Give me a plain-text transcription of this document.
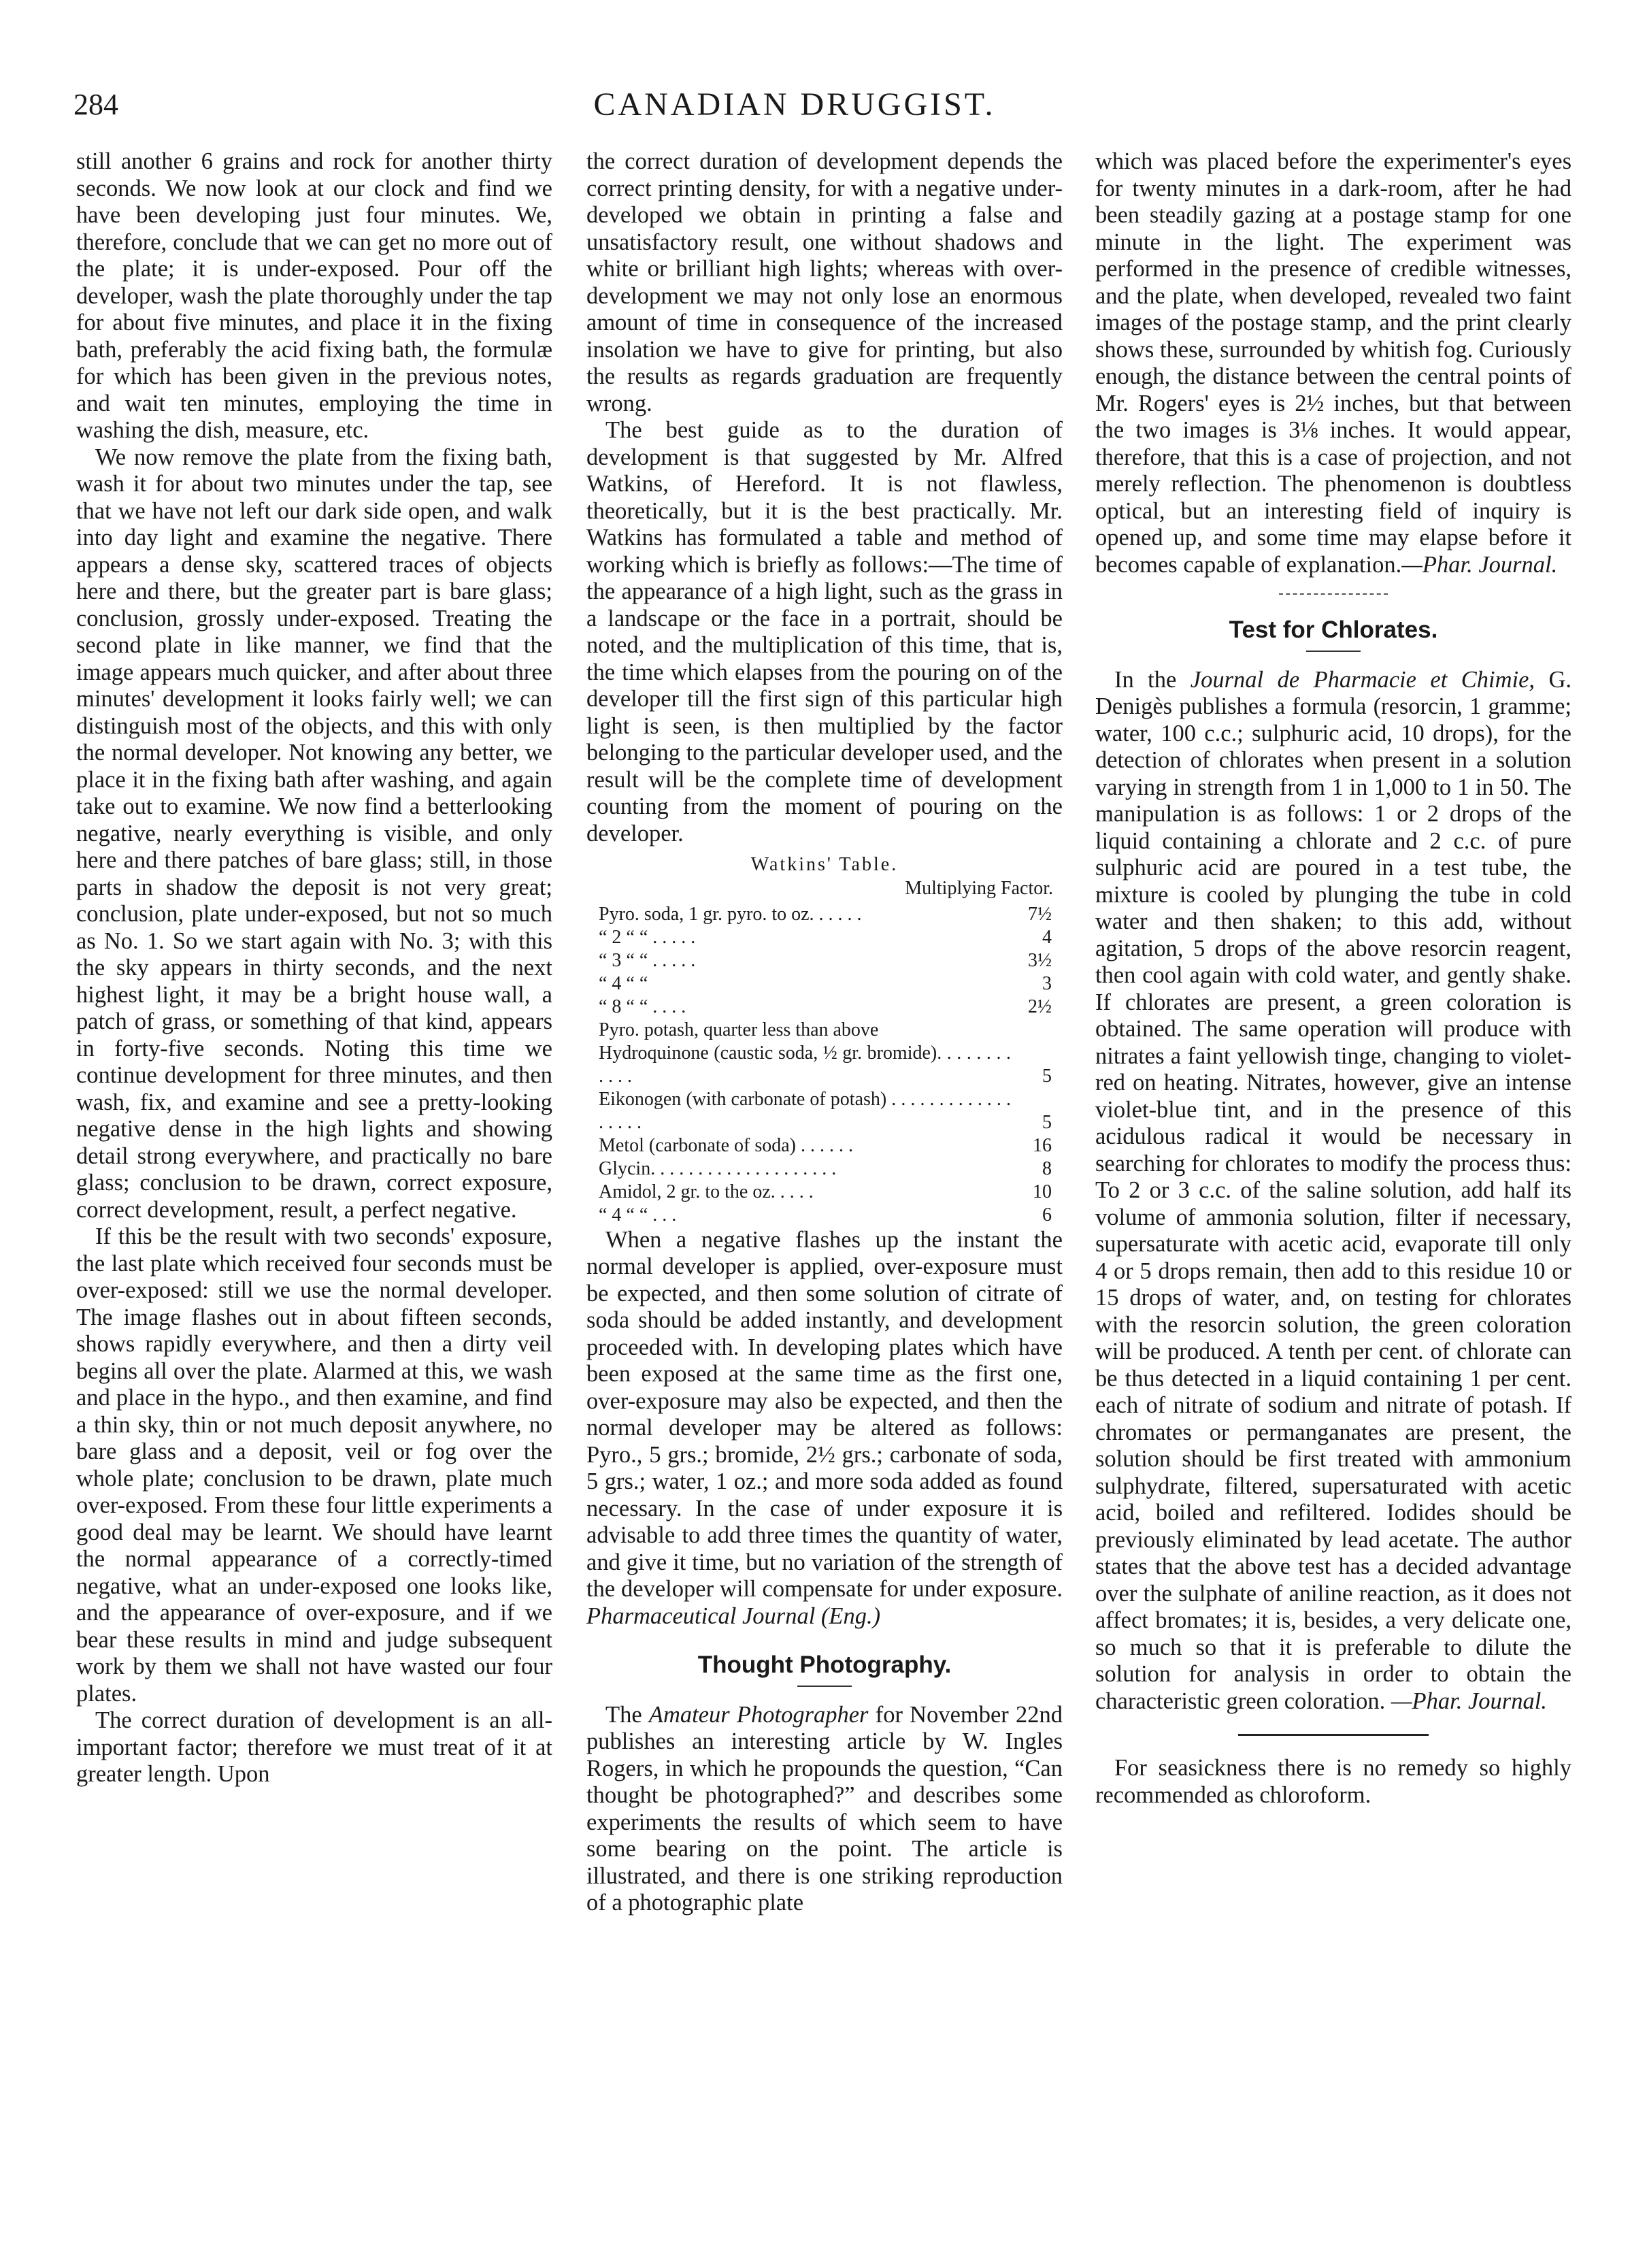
284	CANADIAN DRUGGIST.

still another 6 grains and rock for another thirty seconds. We now look at our clock and find we have been developing just four minutes. We, therefore, conclude that we can get no more out of the plate; it is under-exposed. Pour off the developer, wash the plate thoroughly under the tap for about five minutes, and place it in the fixing bath, preferably the acid fixing bath, the formulæ for which has been given in the previous notes, and wait ten minutes, employing the time in washing the dish, measure, etc.

We now remove the plate from the fixing bath, wash it for about two minutes under the tap, see that we have not left our dark side open, and walk into day light and examine the negative. There appears a dense sky, scattered traces of objects here and there, but the greater part is bare glass; conclusion, grossly under-exposed. Treating the second plate in like manner, we find that the image appears much quicker, and after about three minutes' development it looks fairly well; we can distinguish most of the objects, and this with only the normal developer. Not knowing any better, we place it in the fixing bath after washing, and again take out to examine. We now find a betterlooking negative, nearly everything is visible, and only here and there patches of bare glass; still, in those parts in shadow the deposit is not very great; conclusion, plate under-exposed, but not so much as No. 1. So we start again with No. 3; with this the sky appears in thirty seconds, and the next highest light, it may be a bright house wall, a patch of grass, or something of that kind, appears in forty-five seconds. Noting this time we continue development for three minutes, and then wash, fix, and examine and see a pretty-looking negative dense in the high lights and showing detail strong everywhere, and practically no bare glass; conclusion to be drawn, correct exposure, correct development, result, a perfect negative.

If this be the result with two seconds' exposure, the last plate which received four seconds must be over-exposed: still we use the normal developer. The image flashes out in about fifteen seconds, shows rapidly everywhere, and then a dirty veil begins all over the plate. Alarmed at this, we wash and place in the hypo., and then examine, and find a thin sky, thin or not much deposit anywhere, no bare glass and a deposit, veil or fog over the whole plate; conclusion to be drawn, plate much over-exposed. From these four little experiments a good deal may be learnt. We should have learnt the normal appearance of a correctly-timed negative, what an under-exposed one looks like, and the appearance of over-exposure, and if we bear these results in mind and judge subsequent work by them we shall not have wasted our four plates.

The correct duration of development is an all-important factor; therefore we must treat of it at greater length. Upon

the correct duration of development depends the correct printing density, for with a negative under-developed we obtain in printing a false and unsatisfactory result, one without shadows and white or brilliant high lights; whereas with over-development we may not only lose an enormous amount of time in consequence of the increased insolation we have to give for printing, but also the results as regards graduation are frequently wrong.

The best guide as to the duration of development is that suggested by Mr. Alfred Watkins, of Hereford. It is not flawless, theoretically, but it is the best practically. Mr. Watkins has formulated a table and method of working which is briefly as follows:—The time of the appearance of a high light, such as the grass in a landscape or the face in a portrait, should be noted, and the multiplication of this time, that is, the time which elapses from the pouring on of the developer till the first sign of this particular high light is seen, is then multiplied by the factor belonging to the particular developer used, and the result will be the complete time of development counting from the moment of pouring on the developer.

Watkins' Table.
Multiplying Factor.
Pyro. soda, 1 gr. pyro. to oz. . . . . .	7½
“ 2 “ “ . . . . .	4
“ 3 “ “ . . . . .	3½
“ 4 “ “	3
“ 8 “ “ . . . .	2½
Pyro. potash, quarter less than above
Hydroquinone (caustic soda, ½ gr. bromide). . . . . . . . . . . .	5
Eikonogen (with carbonate of potash) . . . . . . . . . . . . . . . . . .	5
Metol (carbonate of soda) . . . . . .	16
Glycin. . . . . . . . . . . . . . . . . . . .	8
Amidol, 2 gr. to the oz. . . . .	10
“ 4 “ “ . . .	6

When a negative flashes up the instant the normal developer is applied, over-exposure must be expected, and then some solution of citrate of soda should be added instantly, and development proceeded with. In developing plates which have been exposed at the same time as the first one, over-exposure may also be expected, and then the normal developer may be altered as follows: Pyro., 5 grs.; bromide, 2½ grs.; carbonate of soda, 5 grs.; water, 1 oz.; and more soda added as found necessary. In the case of under exposure it is advisable to add three times the quantity of water, and give it time, but no variation of the strength of the developer will compensate for under exposure. Pharmaceutical Journal (Eng.)

Thought Photography.

The Amateur Photographer for November 22nd publishes an interesting article by W. Ingles Rogers, in which he propounds the question, “Can thought be photographed?” and describes some experiments the results of which seem to have some bearing on the point. The article is illustrated, and there is one striking reproduction of a photographic plate

which was placed before the experimenter's eyes for twenty minutes in a dark-room, after he had been steadily gazing at a postage stamp for one minute in the light. The experiment was performed in the presence of credible witnesses, and the plate, when developed, revealed two faint images of the postage stamp, and the print clearly shows these, surrounded by whitish fog. Curiously enough, the distance between the central points of Mr. Rogers' eyes is 2½ inches, but that between the two images is 3⅛ inches. It would appear, therefore, that this is a case of projection, and not merely reflection. The phenomenon is doubtless optical, but an interesting field of inquiry is opened up, and some time may elapse before it becomes capable of explanation.—Phar. Journal.

Test for Chlorates.

In the Journal de Pharmacie et Chimie, G. Denigès publishes a formula (resorcin, 1 gramme; water, 100 c.c.; sulphuric acid, 10 drops), for the detection of chlorates when present in a solution varying in strength from 1 in 1,000 to 1 in 50. The manipulation is as follows: 1 or 2 drops of the liquid containing a chlorate and 2 c.c. of pure sulphuric acid are poured in a test tube, the mixture is cooled by plunging the tube in cold water and then shaken; to this add, without agitation, 5 drops of the above resorcin reagent, then cool again with cold water, and gently shake. If chlorates are present, a green coloration is obtained. The same operation will produce with nitrates a faint yellowish tinge, changing to violet-red on heating. Nitrates, however, give an intense violet-blue tint, and in the presence of this acidulous radical it would be necessary in searching for chlorates to modify the process thus: To 2 or 3 c.c. of the saline solution, add half its volume of ammonia solution, filter if necessary, supersaturate with acetic acid, evaporate till only 4 or 5 drops remain, then add to this residue 10 or 15 drops of water, and, on testing for chlorates with the resorcin solution, the green coloration will be produced. A tenth per cent. of chlorate can be thus detected in a liquid containing 1 per cent. each of nitrate of sodium and nitrate of potash. If chromates or permanganates are present, the solution should be first treated with ammonium sulphydrate, filtered, supersaturated with acetic acid, boiled and refiltered. Iodides should be previously eliminated by lead acetate. The author states that the above test has a decided advantage over the sulphate of aniline reaction, as it does not affect bromates; it is, besides, a very delicate one, so much so that it is preferable to dilute the solution for analysis in order to obtain the characteristic green coloration. —Phar. Journal.

For seasickness there is no remedy so highly recommended as chloroform.
